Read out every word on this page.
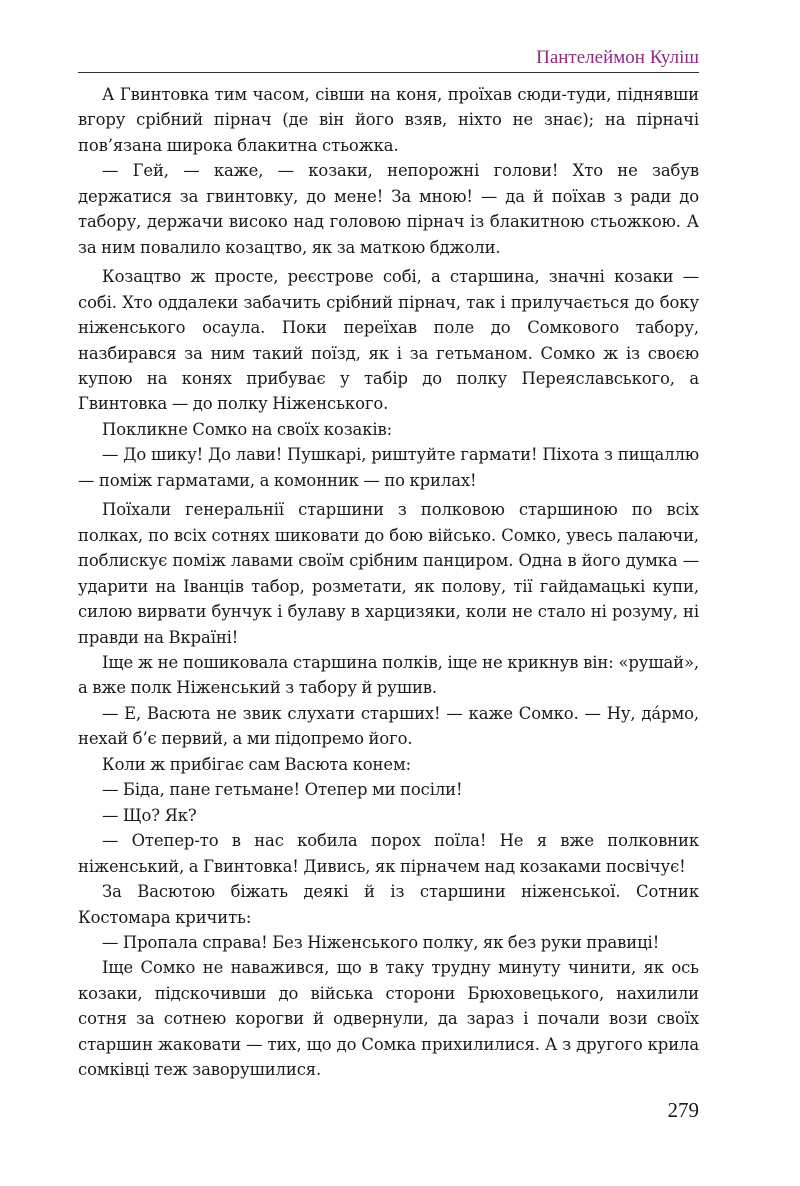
Пантелеймон Куліш

А Гвинтовка тим часом, сівши на коня, проїхав сюди-туди, піднявши вгору срібний пірнач (де він його взяв, ніхто не знає); на пірначі пов’язана широка блакитна стьожка.

— Гей, — каже, — козаки, непорожні голови! Хто не забув держатися за гвинтовку, до мене! За мною! — да й поїхав з ради до табору, держачи високо над головою пірнач із блакитною стьожкою. А за ним повалило козацтво, як за маткою бджоли.

Козацтво ж просте, реєстрове собі, а старшина, значні козаки — собі. Хто оддалеки забачить срібний пірнач, так і прилучається до боку ніженського осаула. Поки переїхав поле до Сомкового табору, назбирався за ним такий поїзд, як і за гетьманом. Сомко ж із своєю купою на конях прибуває у табір до полку Переяславського, а Гвинтовка — до полку Ніженського.

Покликне Сомко на своїх козаків:

— До шику! До лави! Пушкарі, риштуйте гармати! Піхота з пищаллю — поміж гарматами, а комонник — по крилах!

Поїхали генеральнії старшини з полковою старшиною по всіх полках, по всіх сотнях шиковати до бою військо. Сомко, увесь палаючи, поблискує поміж лавами своїм срібним панциром. Одна в його думка — ударити на Іванців табор, розметати, як полову, тії гайдамацькі купи, силою вирвати бунчук і булаву в харцизяки, коли не стало ні розуму, ні правди на Вкраїні!

Іще ж не пошиковала старшина полків, іще не крикнув він: «рушай», а вже полк Ніженський з табору й рушив.

— Е, Васюта не звик слухати старших! — каже Сомко. — Ну, да́рмо, нехай б’є первий, а ми підопремо його.

Коли ж прибігає сам Васюта конем:

— Біда, пане гетьмане! Отепер ми посіли!

— Що? Як?

— Отепер-то в нас кобила порох поїла! Не я вже полковник ніженський, а Гвинтовка! Дивись, як пірначем над козаками посвічує!

За Васютою біжать деякі й із старшини ніженської. Сотник Костомара кричить:

— Пропала справа! Без Ніженського полку, як без руки правиці!

Іще Сомко не наважився, що в таку трудну минуту чинити, як ось козаки, підскочивши до війська сторони Брюховецького, нахилили сотня за сотнею корогви й одвернули, да зараз і почали вози своїх старшин жаковати — тих, що до Сомка прихилилися. А з другого крила сомківці теж заворушилися.

279
